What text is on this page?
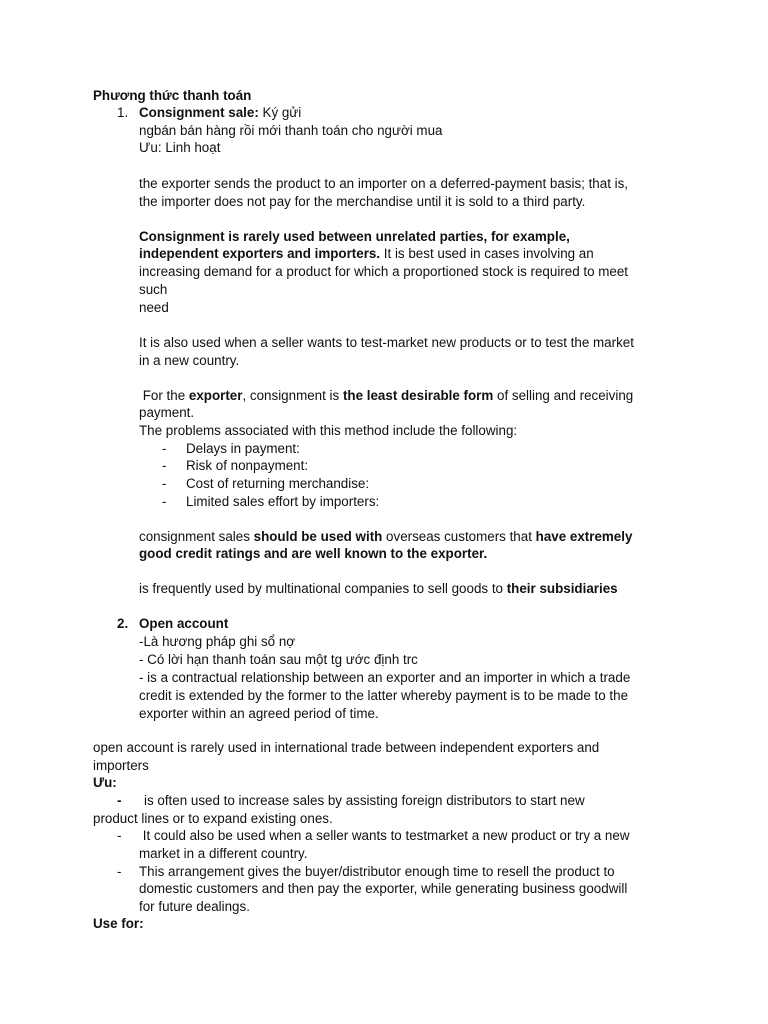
Phương thức thanh toán
1. Consignment sale: Ký gửi
ngbán bán hàng rồi mới thanh toán cho người mua
Ưu: Linh hoạt
the exporter sends the product to an importer on a deferred-payment basis; that is,
the importer does not pay for the merchandise until it is sold to a third party.
Consignment is rarely used between unrelated parties, for example,
independent exporters and importers. It is best used in cases involving an
increasing demand for a product for which a proportioned stock is required to meet
such
need
It is also used when a seller wants to test-market new products or to test the market
in a new country.
For the exporter, consignment is the least desirable form of selling and receiving
payment.
The problems associated with this method include the following:
- Delays in payment:
- Risk of nonpayment:
- Cost of returning merchandise:
- Limited sales effort by importers:
consignment sales should be used with overseas customers that have extremely
good credit ratings and are well known to the exporter.
is frequently used by multinational companies to sell goods to their subsidiaries
2. Open account
-Là hương pháp ghi sổ nợ
- Có lời hạn thanh toán sau một tg ước định trc
- is a contractual relationship between an exporter and an importer in which a trade
credit is extended by the former to the latter whereby payment is to be made to the
exporter within an agreed period of time.
open account is rarely used in international trade between independent exporters and
importers
Ưu:
- is often used to increase sales by assisting foreign distributors to start new
product lines or to expand existing ones.
- It could also be used when a seller wants to testmarket a new product or try a new
market in a different country.
- This arrangement gives the buyer/distributor enough time to resell the product to
domestic customers and then pay the exporter, while generating business goodwill
for future dealings.
Use for:
